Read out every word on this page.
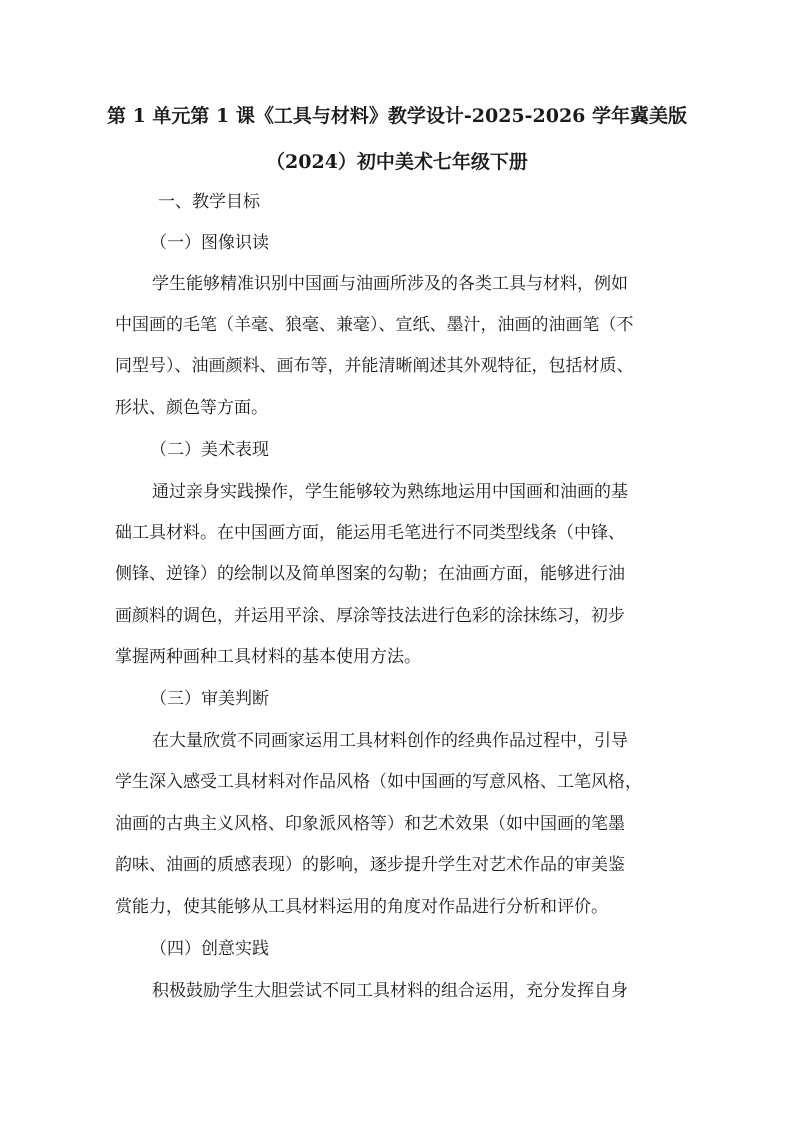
第 1 单元第 1 课《工具与材料》教学设计-2025-2026 学年冀美版
（2024）初中美术七年级下册
一、教学目标
（一）图像识读
学生能够精准识别中国画与油画所涉及的各类工具与材料，例如
中国画的毛笔（羊毫、狼毫、兼毫）、宣纸、墨汁，油画的油画笔（不
同型号）、油画颜料、画布等，并能清晰阐述其外观特征，包括材质、
形状、颜色等方面。
（二）美术表现
通过亲身实践操作，学生能够较为熟练地运用中国画和油画的基
础工具材料。在中国画方面，能运用毛笔进行不同类型线条（中锋、
侧锋、逆锋）的绘制以及简单图案的勾勒；在油画方面，能够进行油
画颜料的调色，并运用平涂、厚涂等技法进行色彩的涂抹练习，初步
掌握两种画种工具材料的基本使用方法。
（三）审美判断
在大量欣赏不同画家运用工具材料创作的经典作品过程中，引导
学生深入感受工具材料对作品风格（如中国画的写意风格、工笔风格，
油画的古典主义风格、印象派风格等）和艺术效果（如中国画的笔墨
韵味、油画的质感表现）的影响，逐步提升学生对艺术作品的审美鉴
赏能力，使其能够从工具材料运用的角度对作品进行分析和评价。
（四）创意实践
积极鼓励学生大胆尝试不同工具材料的组合运用，充分发挥自身
